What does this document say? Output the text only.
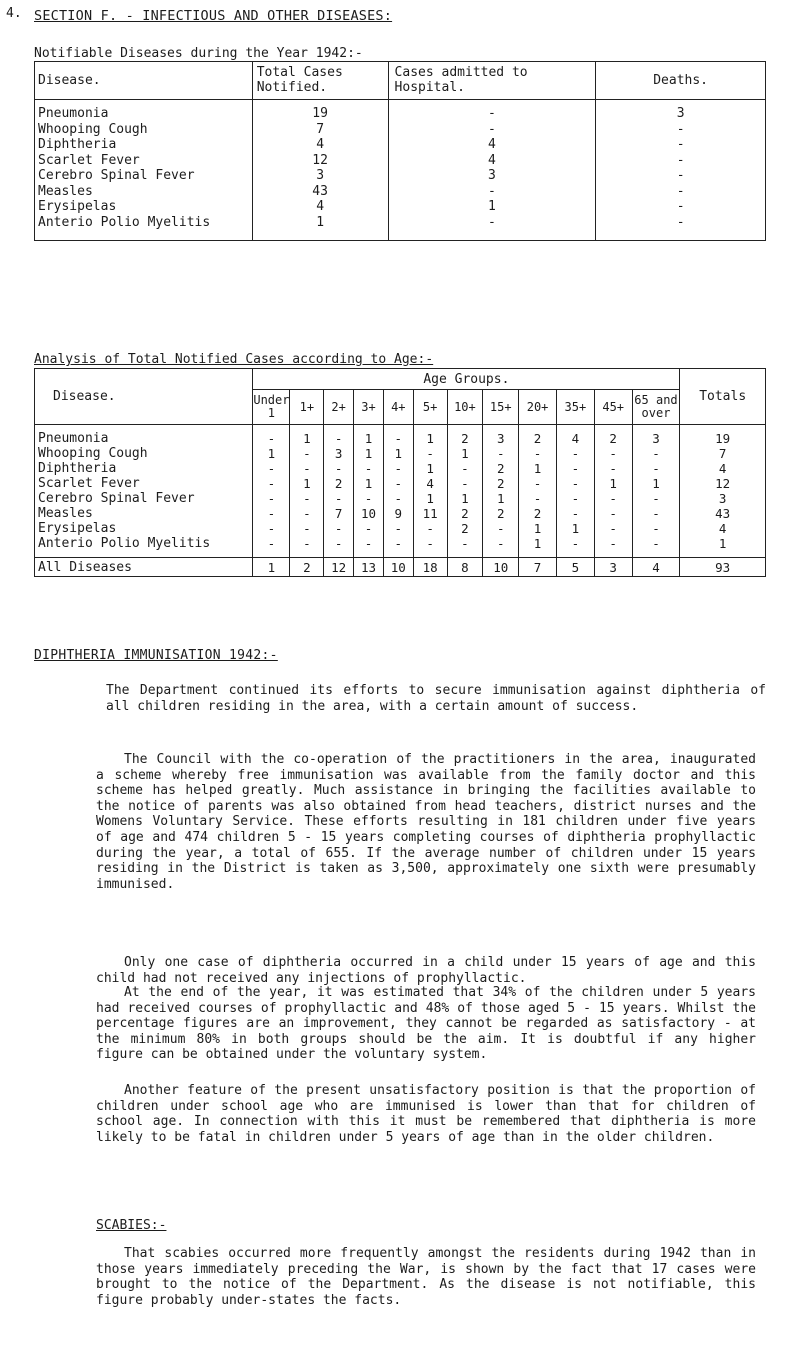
4. SECTION F. - INFECTIOUS AND OTHER DISEASES:
Notifiable Diseases during the Year 1942:-
Disease.	Total Cases Notified.	Cases admitted to Hospital.	Deaths.
Pneumonia	19	-	3
Whooping Cough	7	-	-
Diphtheria	4	4	-
Scarlet Fever	12	4	-
Cerebro Spinal Fever	3	3	-
Measles	43	-	-
Erysipelas	4	1	-
Anterio Polio Myelitis	1	-	-
Analysis of Total Notified Cases according to Age:-
Disease.	Age Groups.												Totals
	Under 1	1+	2+	3+	4+	5+	10+	15+	20+	35+	45+	65 and over	
Pneumonia	-	1	-	1	-	1	2	3	2	4	2	3	19
Whooping Cough	1	-	3	1	1	-	1	-	-	-	-	-	7
Diphtheria	-	-	-	-	-	1	-	2	1	-	-	-	4
Scarlet Fever	-	1	2	1	-	4	-	2	-	-	1	1	12
Cerebro Spinal Fever	-	-	-	-	-	1	1	1	-	-	-	-	3
Measles	-	-	7	10	9	11	2	2	2	-	-	-	43
Erysipelas	-	-	-	-	-	-	2	-	1	1	-	-	4
Anterio Polio Myelitis	-	-	-	-	-	-	-	-	1	-	-	-	1
All Diseases	1	2	12	13	10	18	8	10	7	5	3	4	93
DIPHTHERIA IMMUNISATION 1942:-

The Department continued its efforts to secure immunisation against diphtheria of all children residing in the area, with a certain amount of success.

The Council with the co-operation of the practitioners in the area, inaugurated a scheme whereby free immunisation was available from the family doctor and this scheme has helped greatly. Much assistance in bringing the facilities available to the notice of parents was also obtained from head teachers, district nurses and the Womens Voluntary Service. These efforts resulting in 181 children under five years of age and 474 children 5 - 15 years completing courses of diphtheria prophyllactic during the year, a total of 655. If the average number of children under 15 years residing in the District is taken as 3,500, approximately one sixth were presumably immunised.

Only one case of diphtheria occurred in a child under 15 years of age and this child had not received any injections of prophyllactic.

At the end of the year, it was estimated that 34% of the children under 5 years had received courses of prophyllactic and 48% of those aged 5 - 15 years. Whilst the percentage figures are an improvement, they cannot be regarded as satisfactory - at the minimum 80% in both groups should be the aim. It is doubtful if any higher figure can be obtained under the voluntary system.

Another feature of the present unsatisfactory position is that the proportion of children under school age who are immunised is lower than that for children of school age. In connection with this it must be remembered that diphtheria is more likely to be fatal in children under 5 years of age than in the older children.

SCABIES:-

That scabies occurred more frequently amongst the residents during 1942 than in those years immediately preceding the War, is shown by the fact that 17 cases were brought to the notice of the Department. As the disease is not notifiable, this figure probably under-states the facts.
